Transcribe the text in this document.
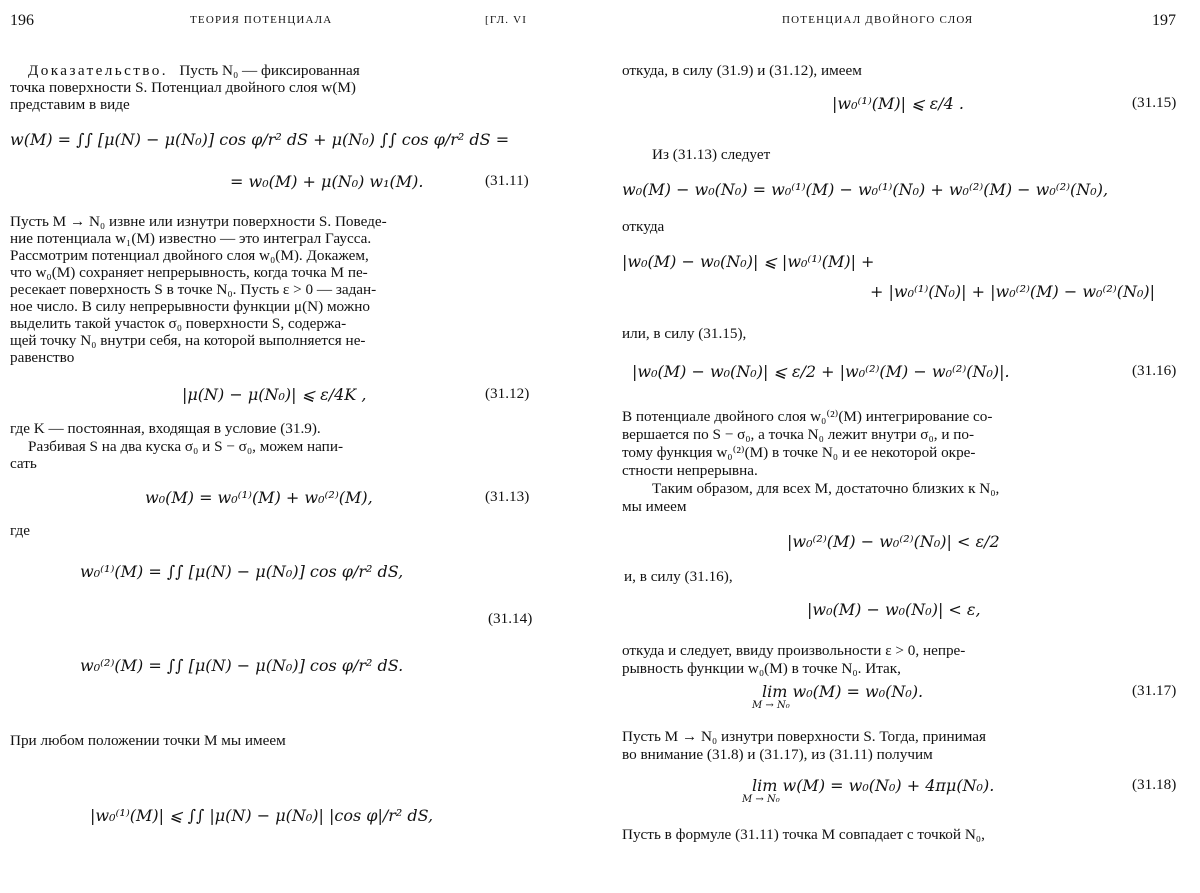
196	ТЕОРИЯ ПОТЕНЦИАЛА	[ГЛ. VI
Доказательство. Пусть N₀ — фиксированная
точка поверхности S. Потенциал двойного слоя w(M)
представим в виде
w(M) = ∫∫ [μ(N) − μ(N₀)] cos φ/r² dS + μ(N₀) ∫∫ cos φ/r² dS =
= w₀(M) + μ(N₀) w₁(M).	(31.11)
Пусть M → N₀ извне или изнутри поверхности S. Поведе-
ние потенциала w₁(M) известно — это интеграл Гаусса.
Рассмотрим потенциал двойного слоя w₀(M). Докажем,
что w₀(M) сохраняет непрерывность, когда точка M пе-
ресекает поверхность S в точке N₀. Пусть ε > 0 — задан-
ное число. В силу непрерывности функции μ(N) можно
выделить такой участок σ₀ поверхности S, содержа-
щей точку N₀ внутри себя, на которой выполняется не-
равенство
|μ(N) − μ(N₀)| ⩽ ε/4K ,	(31.12)
где K — постоянная, входящая в условие (31.9).
Разбивая S на два куска σ₀ и S − σ₀, можем напи-
сать
w₀(M) = w₀⁽¹⁾(M) + w₀⁽²⁾(M),	(31.13)
где
w₀⁽¹⁾(M) = ∫∫ [μ(N) − μ(N₀)] cos φ/r² dS,
(31.14)
w₀⁽²⁾(M) = ∫∫ [μ(N) − μ(N₀)] cos φ/r² dS.
При любом положении точки M мы имеем
|w₀⁽¹⁾(M)| ⩽ ∫∫ |μ(N) − μ(N₀)| |cos φ|/r² dS,
ПОТЕНЦИАЛ ДВОЙНОГО СЛОЯ	197
откуда, в силу (31.9) и (31.12), имеем
|w₀⁽¹⁾(M)| ⩽ ε/4 .	(31.15)
Из (31.13) следует
w₀(M) − w₀(N₀) = w₀⁽¹⁾(M) − w₀⁽¹⁾(N₀) + w₀⁽²⁾(M) − w₀⁽²⁾(N₀),
откуда
|w₀(M) − w₀(N₀)| ⩽ |w₀⁽¹⁾(M)| +
+ |w₀⁽¹⁾(N₀)| + |w₀⁽²⁾(M) − w₀⁽²⁾(N₀)|
или, в силу (31.15),
|w₀(M) − w₀(N₀)| ⩽ ε/2 + |w₀⁽²⁾(M) − w₀⁽²⁾(N₀)|.	(31.16)
В потенциале двойного слоя w₀⁽²⁾(M) интегрирование со-
вершается по S − σ₀, а точка N₀ лежит внутри σ₀, и по-
тому функция w₀⁽²⁾(M) в точке N₀ и ее некоторой окре-
стности непрерывна.
Таким образом, для всех M, достаточно близких к N₀,
мы имеем
|w₀⁽²⁾(M) − w₀⁽²⁾(N₀)| < ε/2
и, в силу (31.16),
|w₀(M) − w₀(N₀)| < ε,
откуда и следует, ввиду произвольности ε > 0, непре-
рывность функции w₀(M) в точке N₀. Итак,
lim w₀(M) = w₀(N₀).
M → N₀
(31.17)
Пусть M → N₀ изнутри поверхности S. Тогда, принимая
во внимание (31.8) и (31.17), из (31.11) получим
lim w(M) = w₀(N₀) + 4πμ(N₀).
M → N₀
(31.18)
Пусть в формуле (31.11) точка M совпадает с точкой N₀,
